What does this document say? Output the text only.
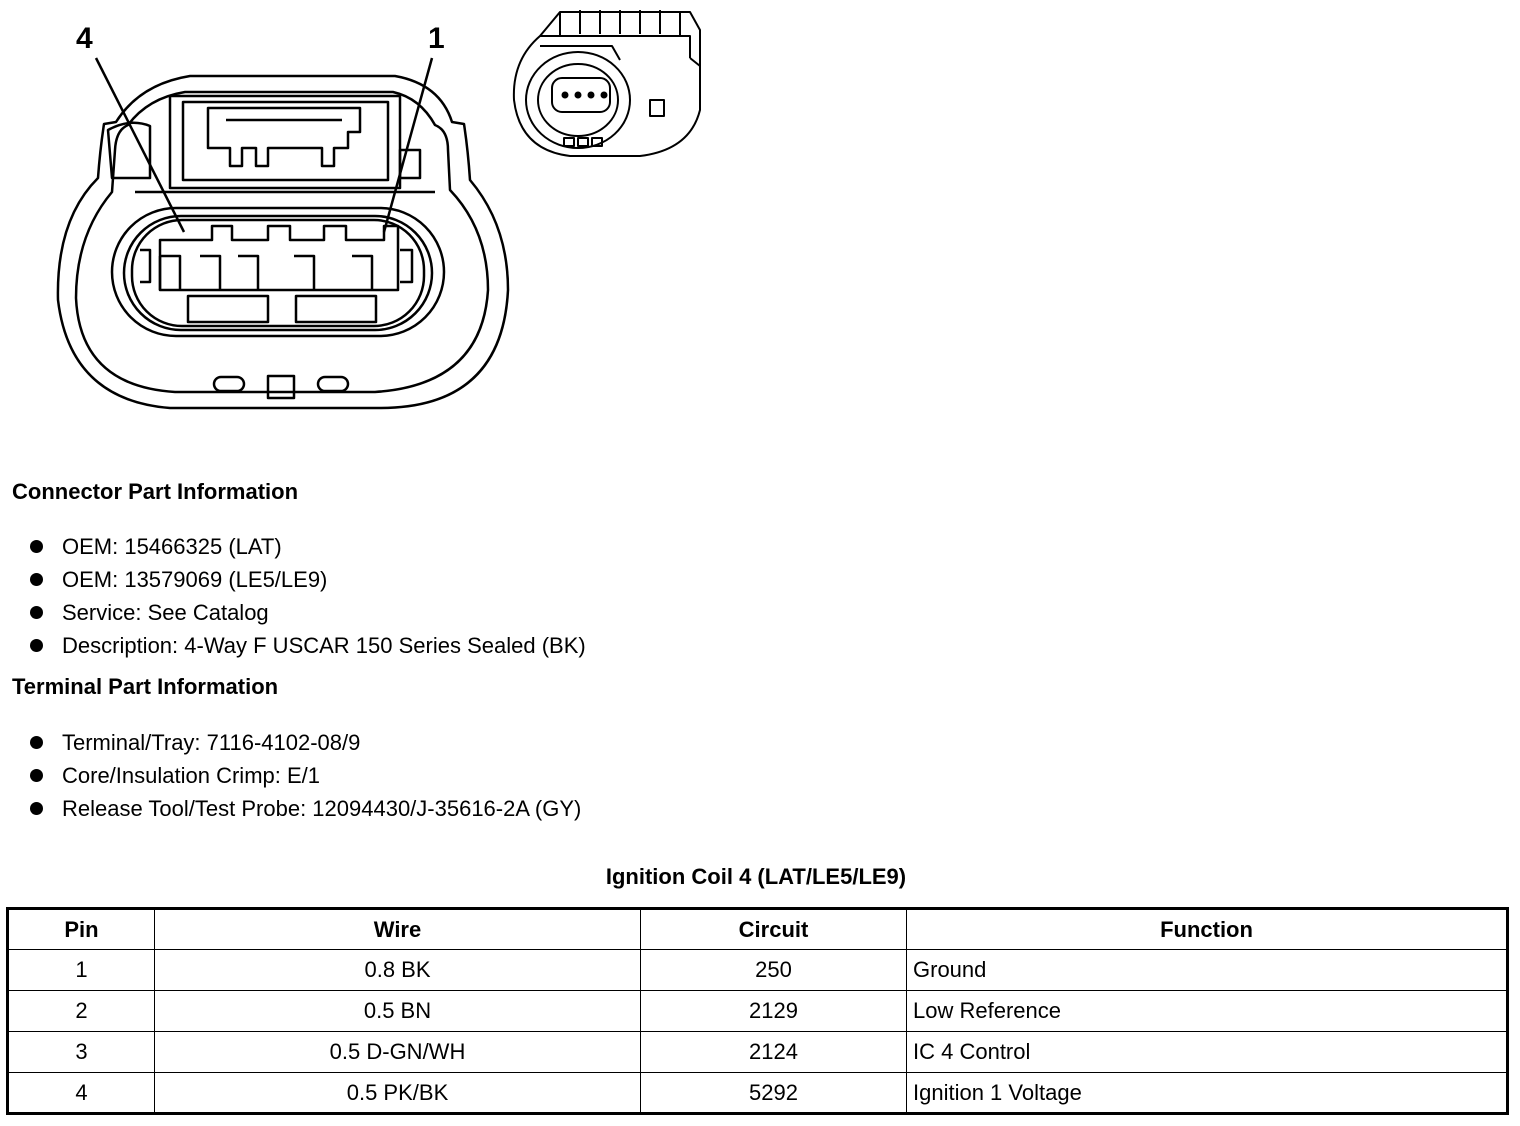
4	1
Connector Part Information
OEM: 15466325 (LAT)
OEM: 13579069 (LE5/LE9)
Service: See Catalog
Description: 4-Way F USCAR 150 Series Sealed (BK)
Terminal Part Information
Terminal/Tray: 7116-4102-08/9
Core/Insulation Crimp: E/1
Release Tool/Test Probe: 12094430/J-35616-2A (GY)
Ignition Coil 4 (LAT/LE5/LE9)
Pin	Wire	Circuit	Function
1	0.8 BK	250	Ground
2	0.5 BN	2129	Low Reference
3	0.5 D-GN/WH	2124	IC 4 Control
4	0.5 PK/BK	5292	Ignition 1 Voltage
